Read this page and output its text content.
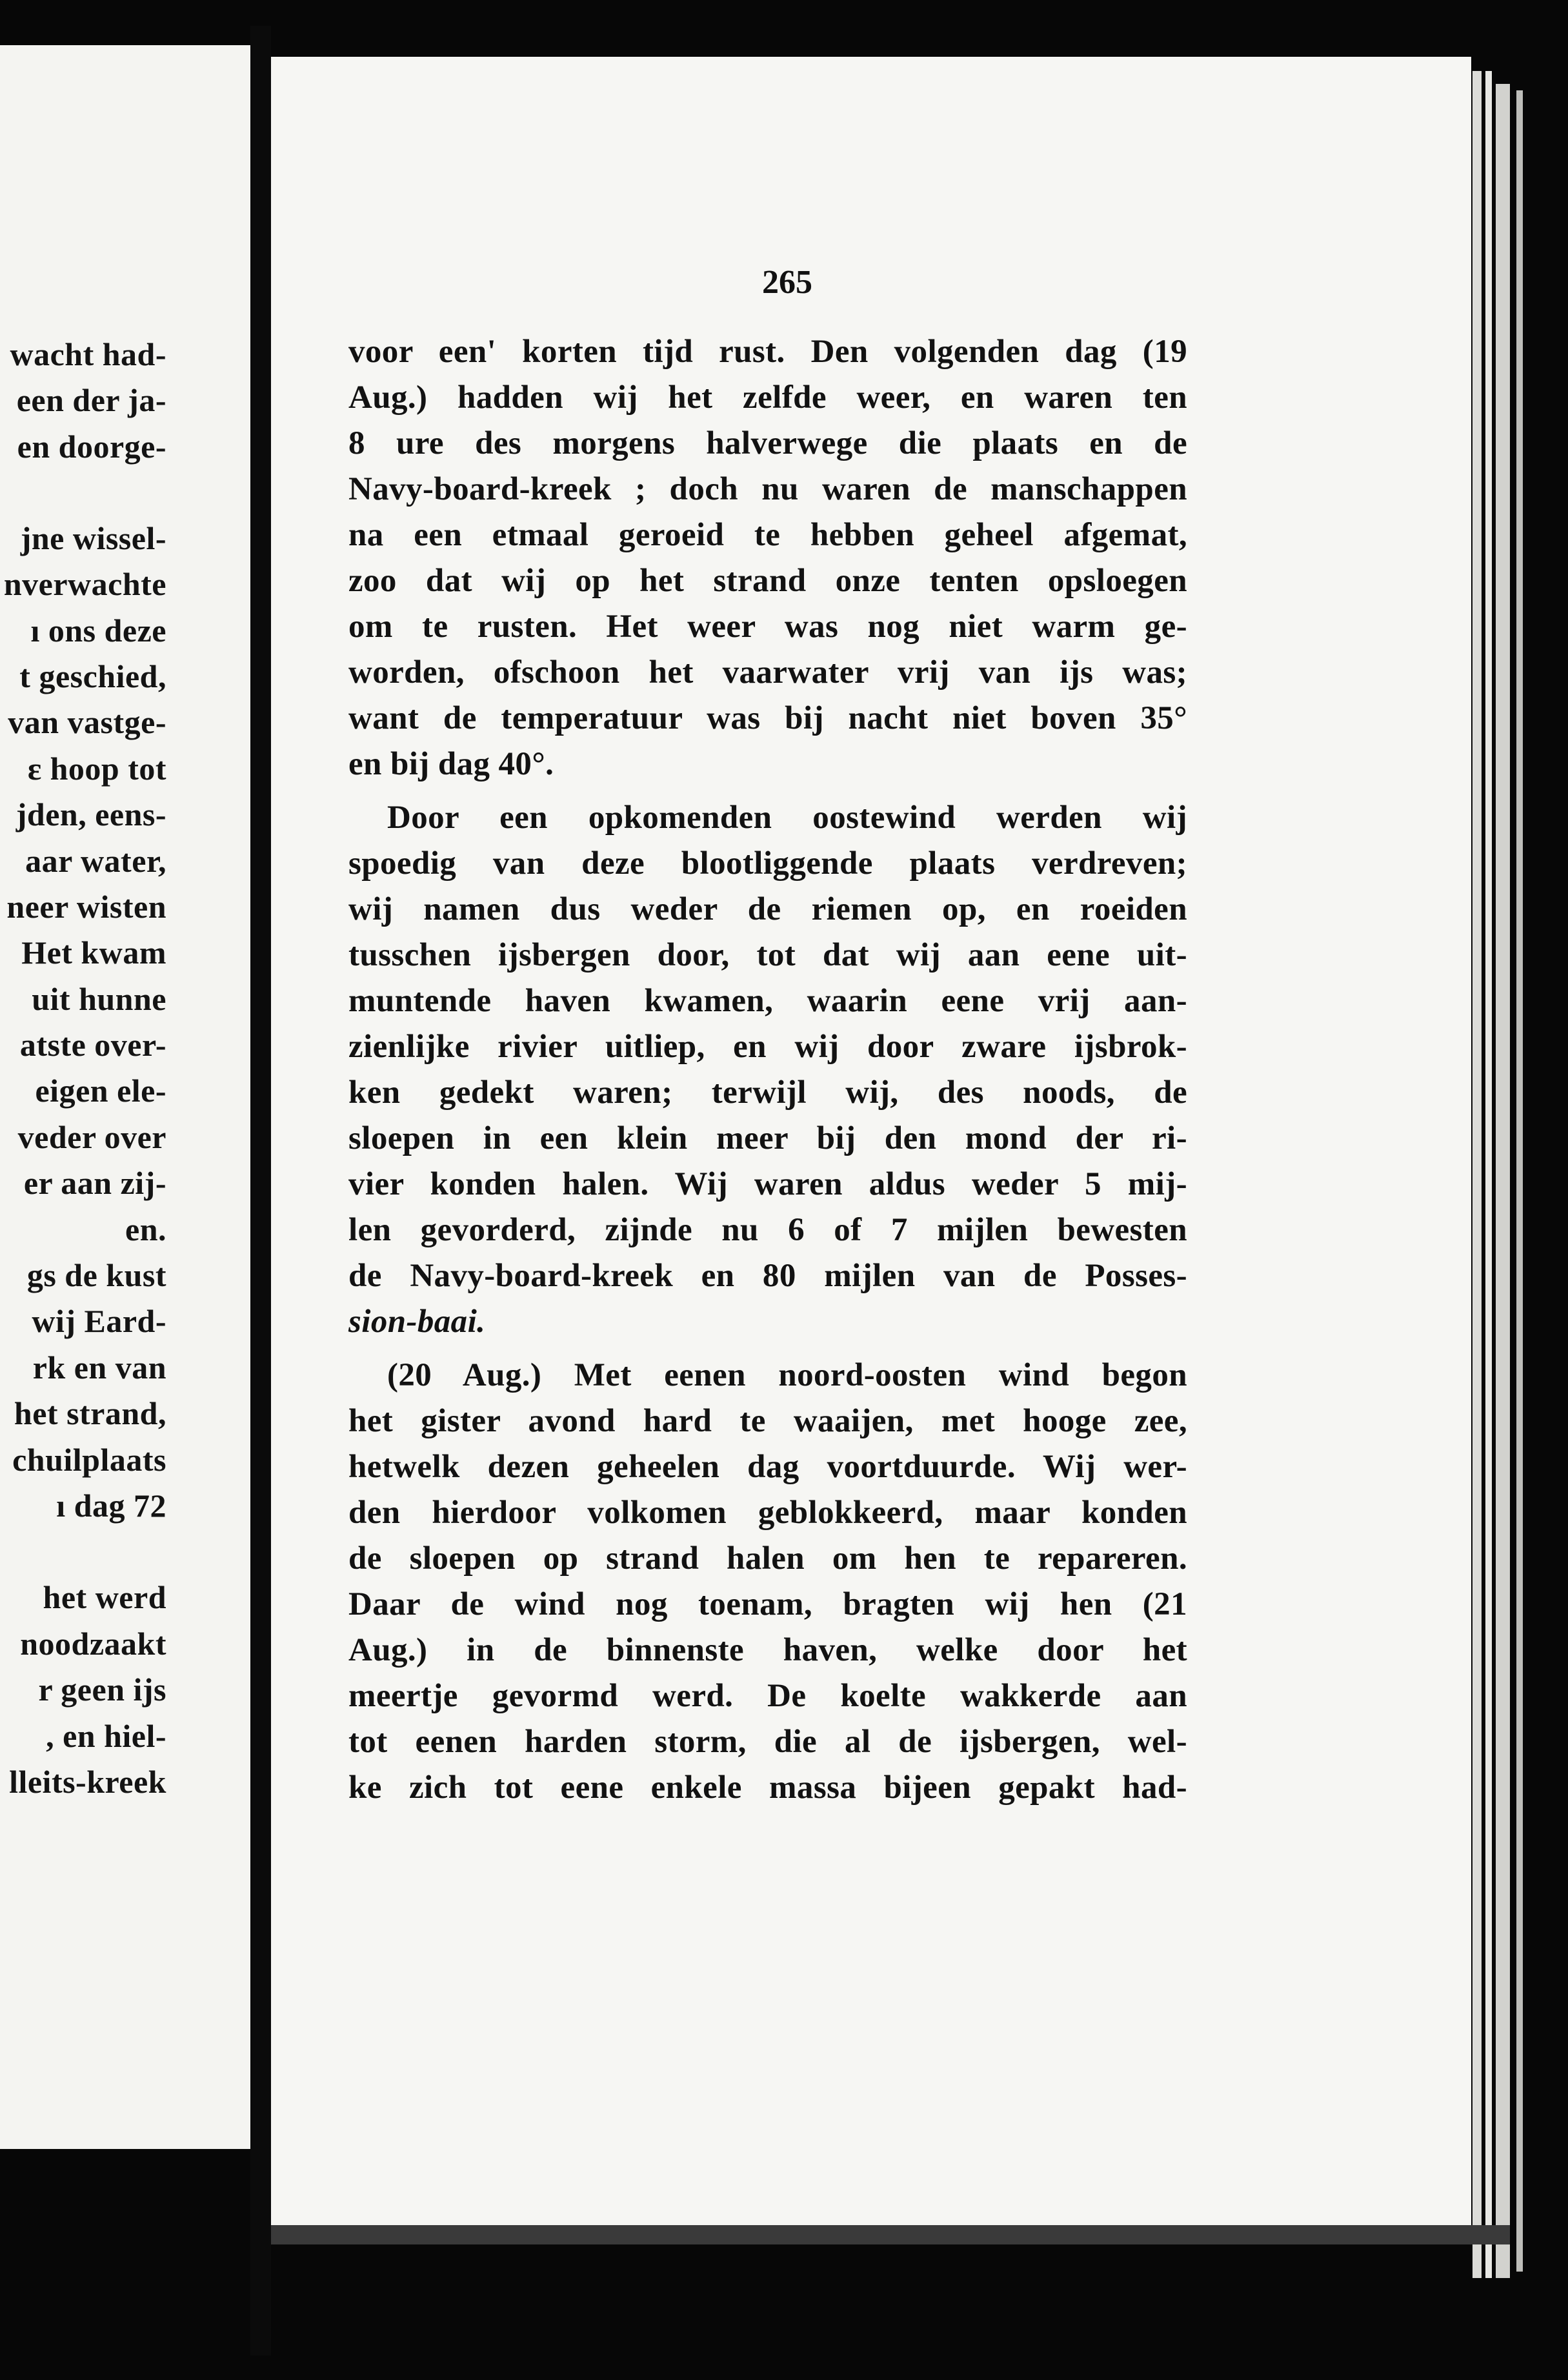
wacht had-
een der ja-
en doorge-
jne wissel-
nverwachte
ı ons deze
t geschied,
van vastge-
ɛ hoop tot
jden, eens-
aar water,
neer wisten
Het kwam
uit hunne
atste over-
eigen ele-
veder over
er aan zij-
en.
gs de kust
wij Eard-
rk en van
het strand,
chuilplaats
ı dag 72
het werd
noodzaakt
r geen ijs
, en hiel-
lleits-kreek
265
voor een' korten tijd rust. Den volgenden dag (19
Aug.) hadden wij het zelfde weer, en waren ten
8 ure des morgens halverwege die plaats en de
Navy-board-kreek ; doch nu waren de manschappen
na een etmaal geroeid te hebben geheel afgemat,
zoo dat wij op het strand onze tenten opsloegen
om te rusten. Het weer was nog niet warm ge-
worden, ofschoon het vaarwater vrij van ijs was;
want de temperatuur was bij nacht niet boven 35°
en bij dag 40°.
Door een opkomenden oostewind werden wij
spoedig van deze blootliggende plaats verdreven;
wij namen dus weder de riemen op, en roeiden
tusschen ijsbergen door, tot dat wij aan eene uit-
muntende haven kwamen, waarin eene vrij aan-
zienlijke rivier uitliep, en wij door zware ijsbrok-
ken gedekt waren; terwijl wij, des noods, de
sloepen in een klein meer bij den mond der ri-
vier konden halen. Wij waren aldus weder 5 mij-
len gevorderd, zijnde nu 6 of 7 mijlen bewesten
de Navy-board-kreek en 80 mijlen van de Posses-
sion-baai.
(20 Aug.) Met eenen noord-oosten wind begon
het gister avond hard te waaijen, met hooge zee,
hetwelk dezen geheelen dag voortduurde. Wij wer-
den hierdoor volkomen geblokkeerd, maar konden
de sloepen op strand halen om hen te repareren.
Daar de wind nog toenam, bragten wij hen (21
Aug.) in de binnenste haven, welke door het
meertje gevormd werd. De koelte wakkerde aan
tot eenen harden storm, die al de ijsbergen, wel-
ke zich tot eene enkele massa bijeen gepakt had-
